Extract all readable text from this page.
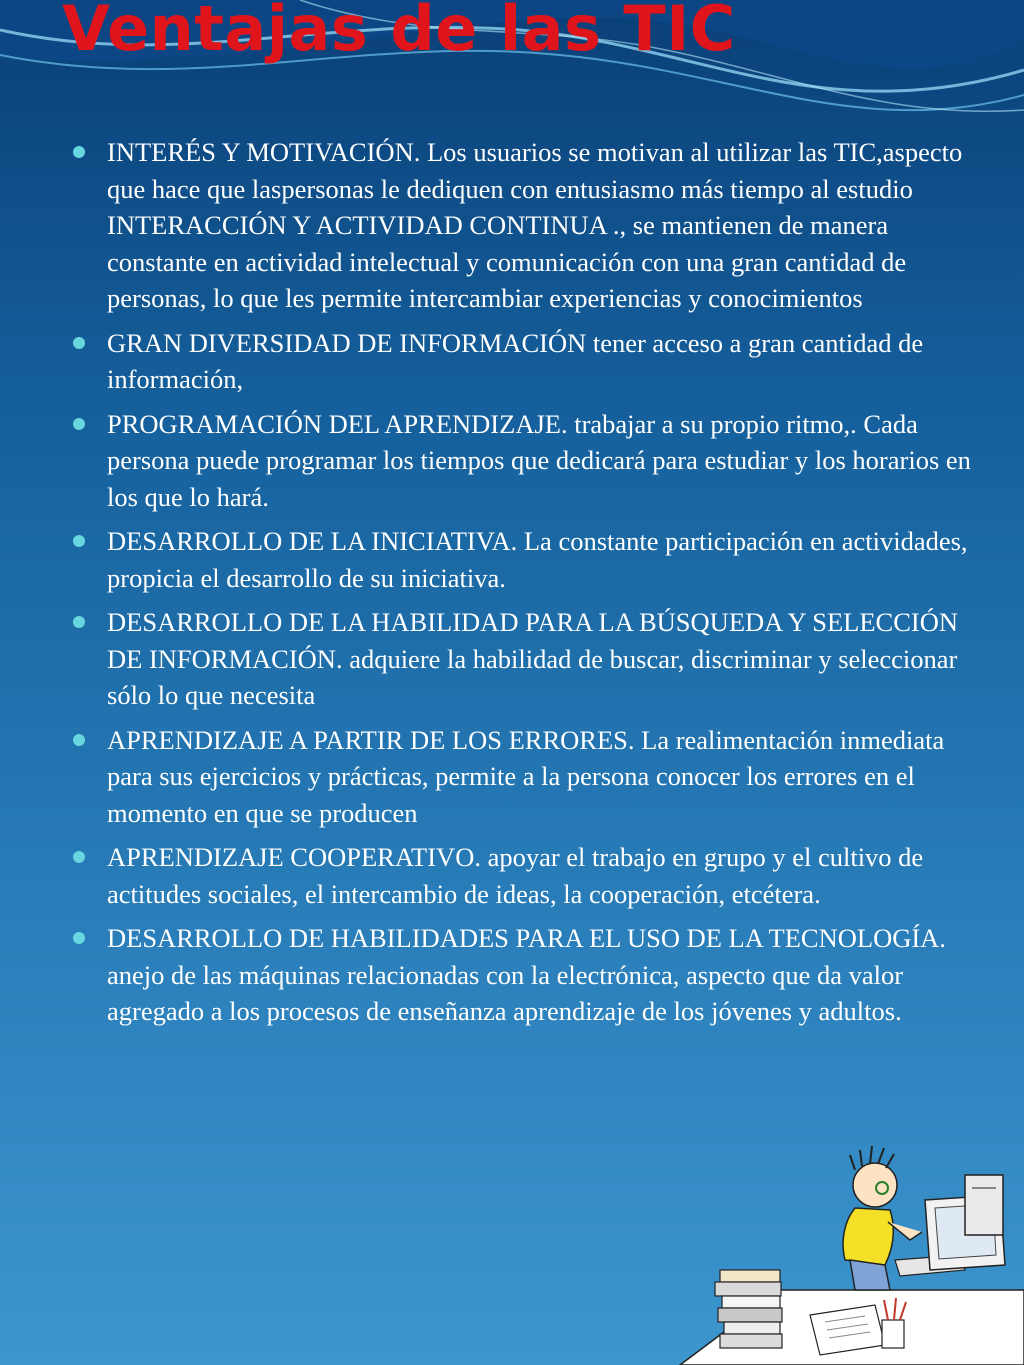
Ventajas de las TIC
INTERÉS Y MOTIVACIÓN. Los usuarios se motivan al utilizar las TIC,aspecto que hace que laspersonas le dediquen con entusiasmo más tiempo al estudio INTERACCIÓN Y ACTIVIDAD CONTINUA ., se mantienen de manera constante en actividad intelectual y comunicación con una gran cantidad de personas, lo que les permite intercambiar experiencias y conocimientos
GRAN DIVERSIDAD DE INFORMACIÓN tener acceso a gran cantidad de información,
PROGRAMACIÓN DEL APRENDIZAJE. trabajar a su propio ritmo,. Cada persona puede programar los tiempos que dedicará para estudiar y los horarios en los que lo hará.
DESARROLLO DE LA INICIATIVA. La constante participación en actividades, propicia el desarrollo de su iniciativa.
DESARROLLO DE LA HABILIDAD PARA LA BÚSQUEDA Y SELECCIÓN DE INFORMACIÓN. adquiere la habilidad de buscar, discriminar y seleccionar sólo lo que necesita
APRENDIZAJE A PARTIR DE LOS ERRORES. La realimentación inmediata para sus ejercicios y prácticas, permite a la persona conocer los errores en el momento en que se producen
APRENDIZAJE COOPERATIVO. apoyar el trabajo en grupo y el cultivo de actitudes sociales, el intercambio de ideas, la cooperación, etcétera.
DESARROLLO DE HABILIDADES PARA EL USO DE LA TECNOLOGÍA. anejo de las máquinas relacionadas con la electrónica, aspecto que da valor agregado a los procesos de enseñanza aprendizaje de los jóvenes y adultos.
